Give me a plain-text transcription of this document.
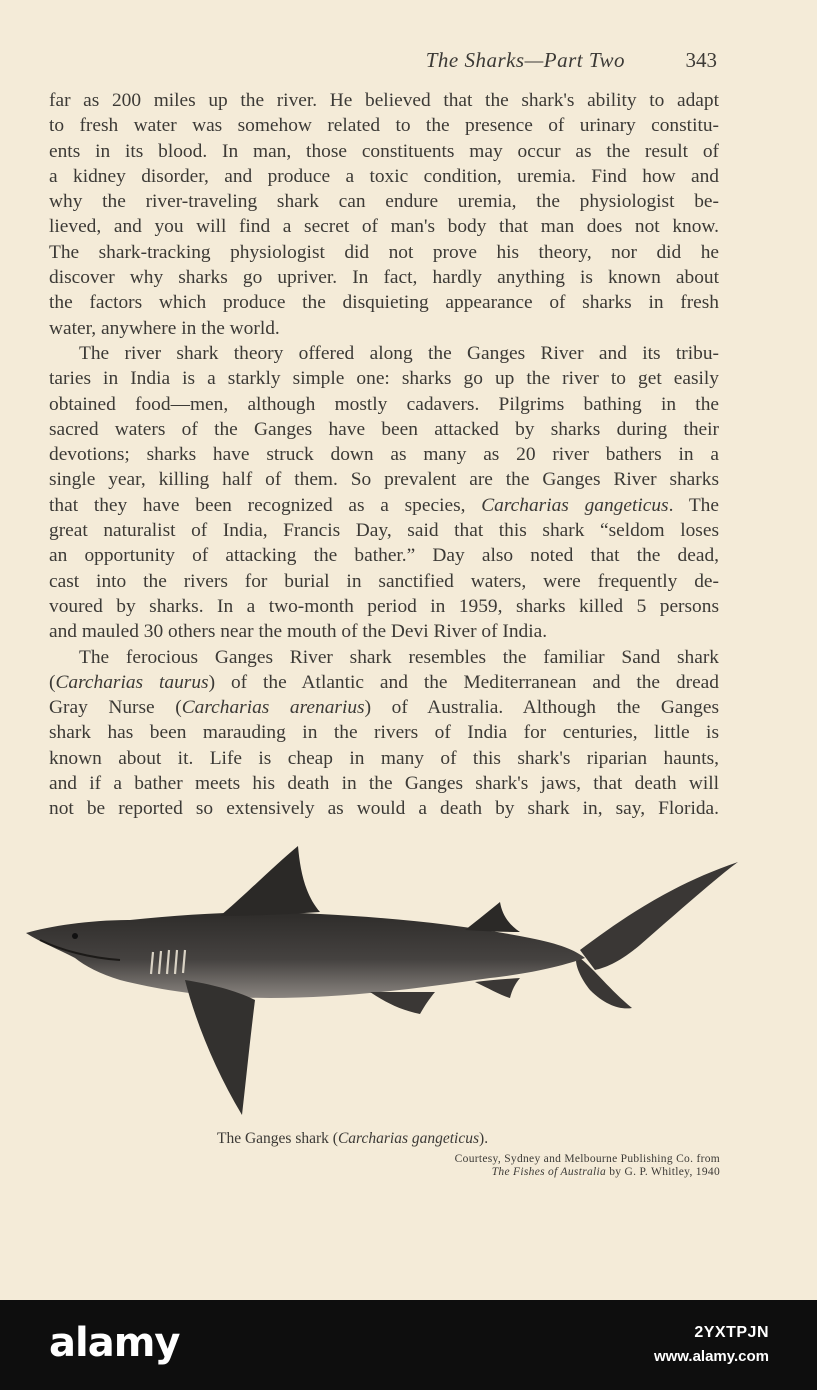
The Sharks—Part Two	343
far as 200 miles up the river. He believed that the shark's ability to adapt
to fresh water was somehow related to the presence of urinary constitu-
ents in its blood. In man, those constituents may occur as the result of
a kidney disorder, and produce a toxic condition, uremia. Find how and
why the river-traveling shark can endure uremia, the physiologist be-
lieved, and you will find a secret of man's body that man does not know.
The shark-tracking physiologist did not prove his theory, nor did he
discover why sharks go upriver. In fact, hardly anything is known about
the factors which produce the disquieting appearance of sharks in fresh
water, anywhere in the world.
The river shark theory offered along the Ganges River and its tribu-
taries in India is a starkly simple one: sharks go up the river to get easily
obtained food—men, although mostly cadavers. Pilgrims bathing in the
sacred waters of the Ganges have been attacked by sharks during their
devotions; sharks have struck down as many as 20 river bathers in a
single year, killing half of them. So prevalent are the Ganges River sharks
that they have been recognized as a species, Carcharias gangeticus. The
great naturalist of India, Francis Day, said that this shark “seldom loses
an opportunity of attacking the bather.” Day also noted that the dead,
cast into the rivers for burial in sanctified waters, were frequently de-
voured by sharks. In a two-month period in 1959, sharks killed 5 persons
and mauled 30 others near the mouth of the Devi River of India.
The ferocious Ganges River shark resembles the familiar Sand shark
(Carcharias taurus) of the Atlantic and the Mediterranean and the dread
Gray Nurse (Carcharias arenarius) of Australia. Although the Ganges
shark has been marauding in the rivers of India for centuries, little is
known about it. Life is cheap in many of this shark's riparian haunts,
and if a bather meets his death in the Ganges shark's jaws, that death will
not be reported so extensively as would a death by shark in, say, Florida.
The Ganges shark (Carcharias gangeticus).
Courtesy, Sydney and Melbourne Publishing Co. from
The Fishes of Australia by G. P. Whitley, 1940
alamy	2YXTPJN
www.alamy.com
